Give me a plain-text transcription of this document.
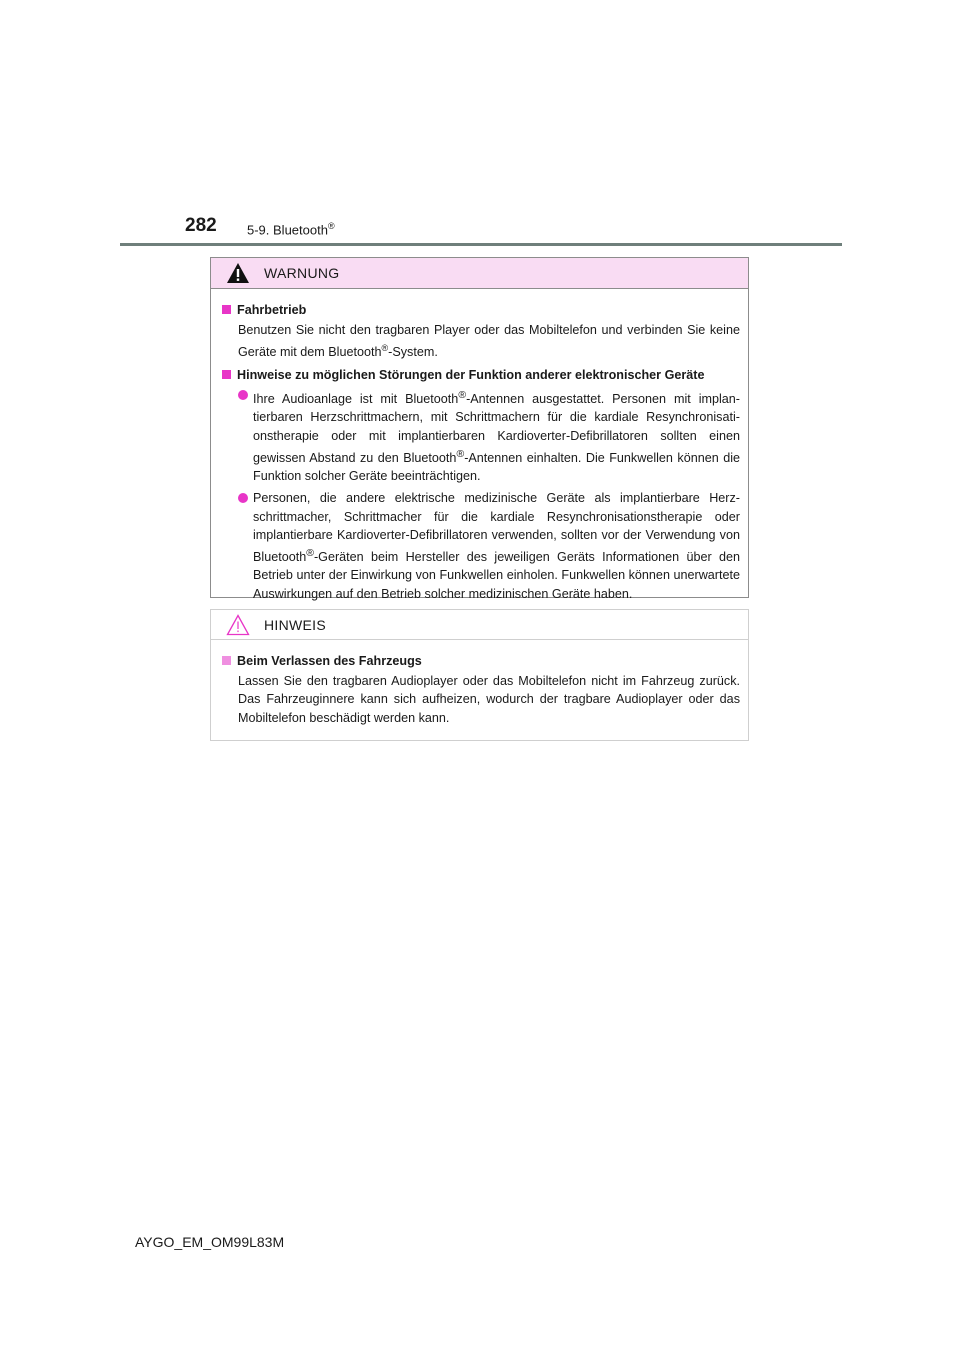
282 5-9. Bluetooth®
WARNUNG
Fahrbetrieb
Benutzen Sie nicht den tragbaren Player oder das Mobiltelefon und verbinden Sie keine Geräte mit dem Bluetooth®-System.
Hinweise zu möglichen Störungen der Funktion anderer elektronischer Geräte
Ihre Audioanlage ist mit Bluetooth®-Antennen ausgestattet. Personen mit implantierbaren Herzschrittmachern, mit Schrittmachern für die kardiale Resynchronisationstherapie oder mit implantierbaren Kardioverter-Defibrillatoren sollten einen gewissen Abstand zu den Bluetooth®-Antennen einhalten. Die Funkwellen können die Funktion solcher Geräte beeinträchtigen.
Personen, die andere elektrische medizinische Geräte als implantierbare Herzschrittmacher, Schrittmacher für die kardiale Resynchronisationstherapie oder implantierbare Kardioverter-Defibrillatoren verwenden, sollten vor der Verwendung von Bluetooth®-Geräten beim Hersteller des jeweiligen Geräts Informationen über den Betrieb unter der Einwirkung von Funkwellen einholen. Funkwellen können unerwartete Auswirkungen auf den Betrieb solcher medizinischen Geräte haben.
HINWEIS
Beim Verlassen des Fahrzeugs
Lassen Sie den tragbaren Audioplayer oder das Mobiltelefon nicht im Fahrzeug zurück. Das Fahrzeuginnere kann sich aufheizen, wodurch der tragbare Audioplayer oder das Mobiltelefon beschädigt werden kann.
AYGO_EM_OM99L83M
